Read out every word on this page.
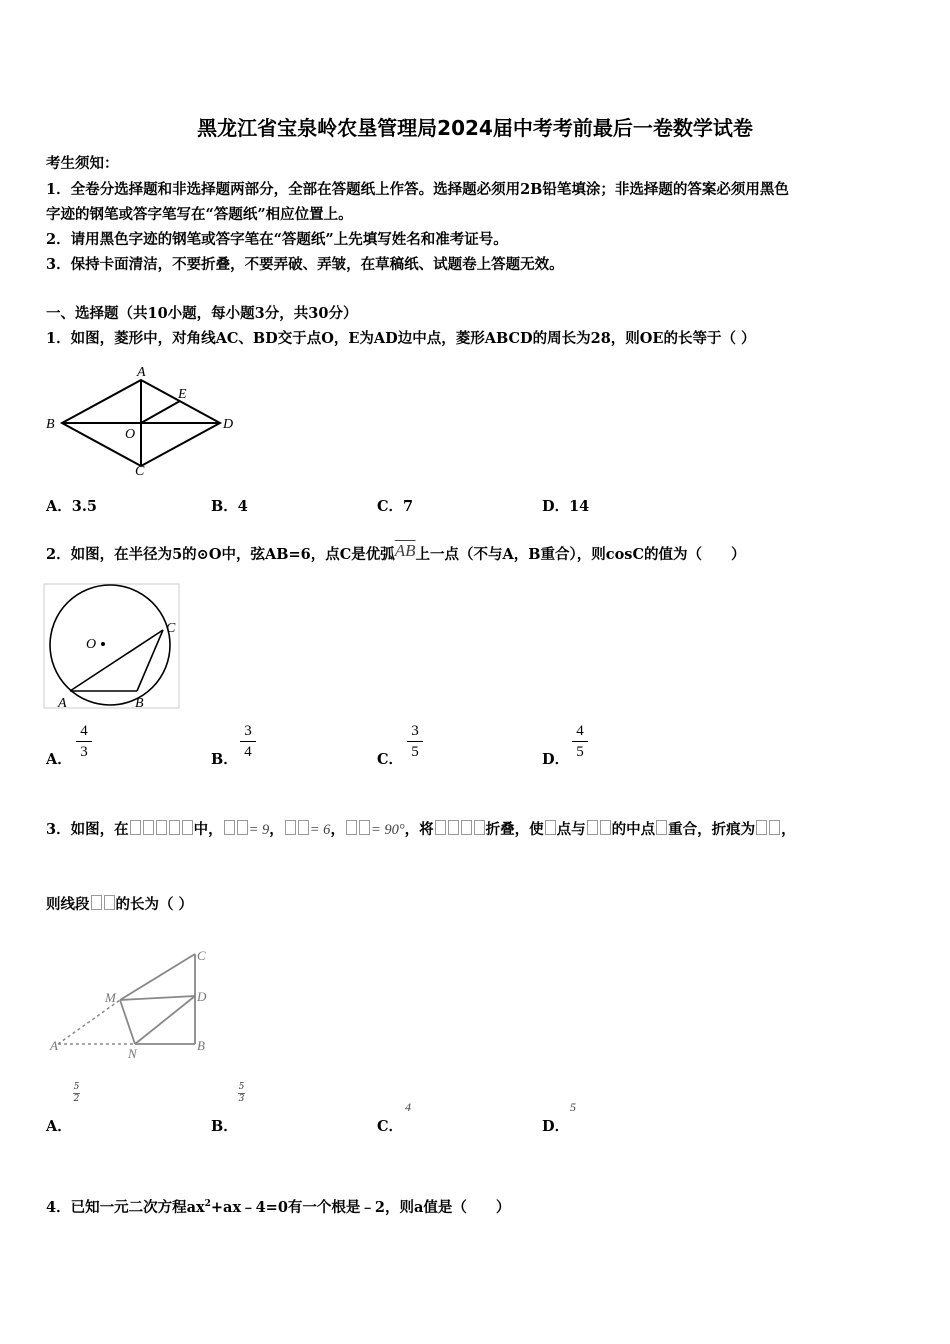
黑龙江省宝泉岭农垦管理局2024届中考考前最后一卷数学试卷
考生须知：
1．全卷分选择题和非选择题两部分，全部在答题纸上作答。选择题必须用2B铅笔填涂；非选择题的答案必须用黑色
字迹的钢笔或答字笔写在“答题纸”相应位置上。
2．请用黑色字迹的钢笔或答字笔在“答题纸”上先填写姓名和准考证号。
3．保持卡面清洁，不要折叠，不要弄破、弄皱，在草稿纸、试题卷上答题无效。
一、选择题（共10小题，每小题3分，共30分）
1．如图，菱形中，对角线AC、BD交于点O，E为AD边中点，菱形ABCD的周长为28，则OE的长等于（ ）
A
E
B	D
O
C
A．3.5	B．4	C．7	D．14
2．如图，在半径为5的⊙O中，弦AB=6，点C是优弧$\overline{AB}$上一点（不与A，B重合），则cosC的值为（　　）
O
C
A	B
A．
4
3	B．
3
4	C．
3
5	D．
4
5
3．如图，在	中， = 9， = 6， = 90°，将	折叠，使 点与 的中点 重合，折痕为 ，
则线段 的长为（ ）
C
M	D
A
N
B
A．
5
2
B．
5
3
C．
4
D．
5
4．已知一元二次方程$ax^2+ax﹣4=0$有一个根是﹣2，则a值是（　　）
